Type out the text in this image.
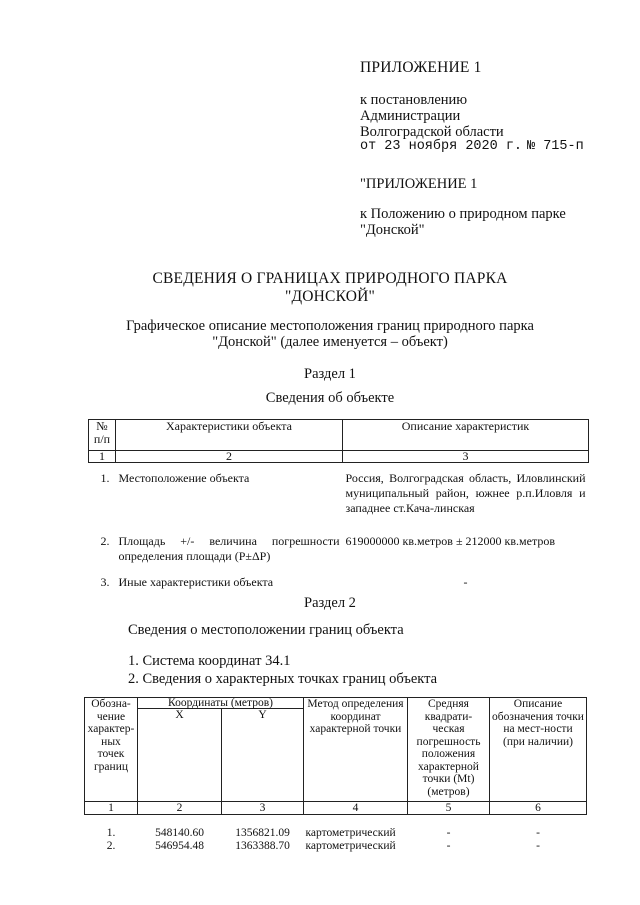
ПРИЛОЖЕНИЕ 1
к постановлению
Администрации
Волгоградской области
от 23 ноября 2020 г. № 715-п
"ПРИЛОЖЕНИЕ 1
к Положению о природном парке
"Донской"
СВЕДЕНИЯ О ГРАНИЦАХ ПРИРОДНОГО ПАРКА
"ДОНСКОЙ"
Графическое описание местоположения границ природного парка
"Донской" (далее именуется – объект)
Раздел 1
Сведения об объекте
№ п/п	Характеристики объекта	Описание характеристик
1	2	3
1.	Местоположение объекта	Россия, Волгоградская область, Иловлинский муниципальный район, южнее р.п.Иловля и западнее ст.Кача-линская
2.	Площадь +/- величина погрешности определения площади (P±ΔP)	619000000 кв.метров ± 212000 кв.метров
3.	Иные характеристики объекта	-
Раздел 2
Сведения о местоположении границ объекта
1. Система координат 34.1
2. Сведения о характерных точках границ объекта
Обозна-чение характер-ных точек границ	Координаты (метров)		Метод определения координат характерной точки	Средняя квадрати-ческая погрешность положения характерной точки (Mt) (метров)	Описание обозначения точки на мест-ности (при наличии)
	X	Y			
1	2	3	4	5	6
1.	548140.60	1356821.09	картометрический	-	-
2.	546954.48	1363388.70	картометрический	-	-
